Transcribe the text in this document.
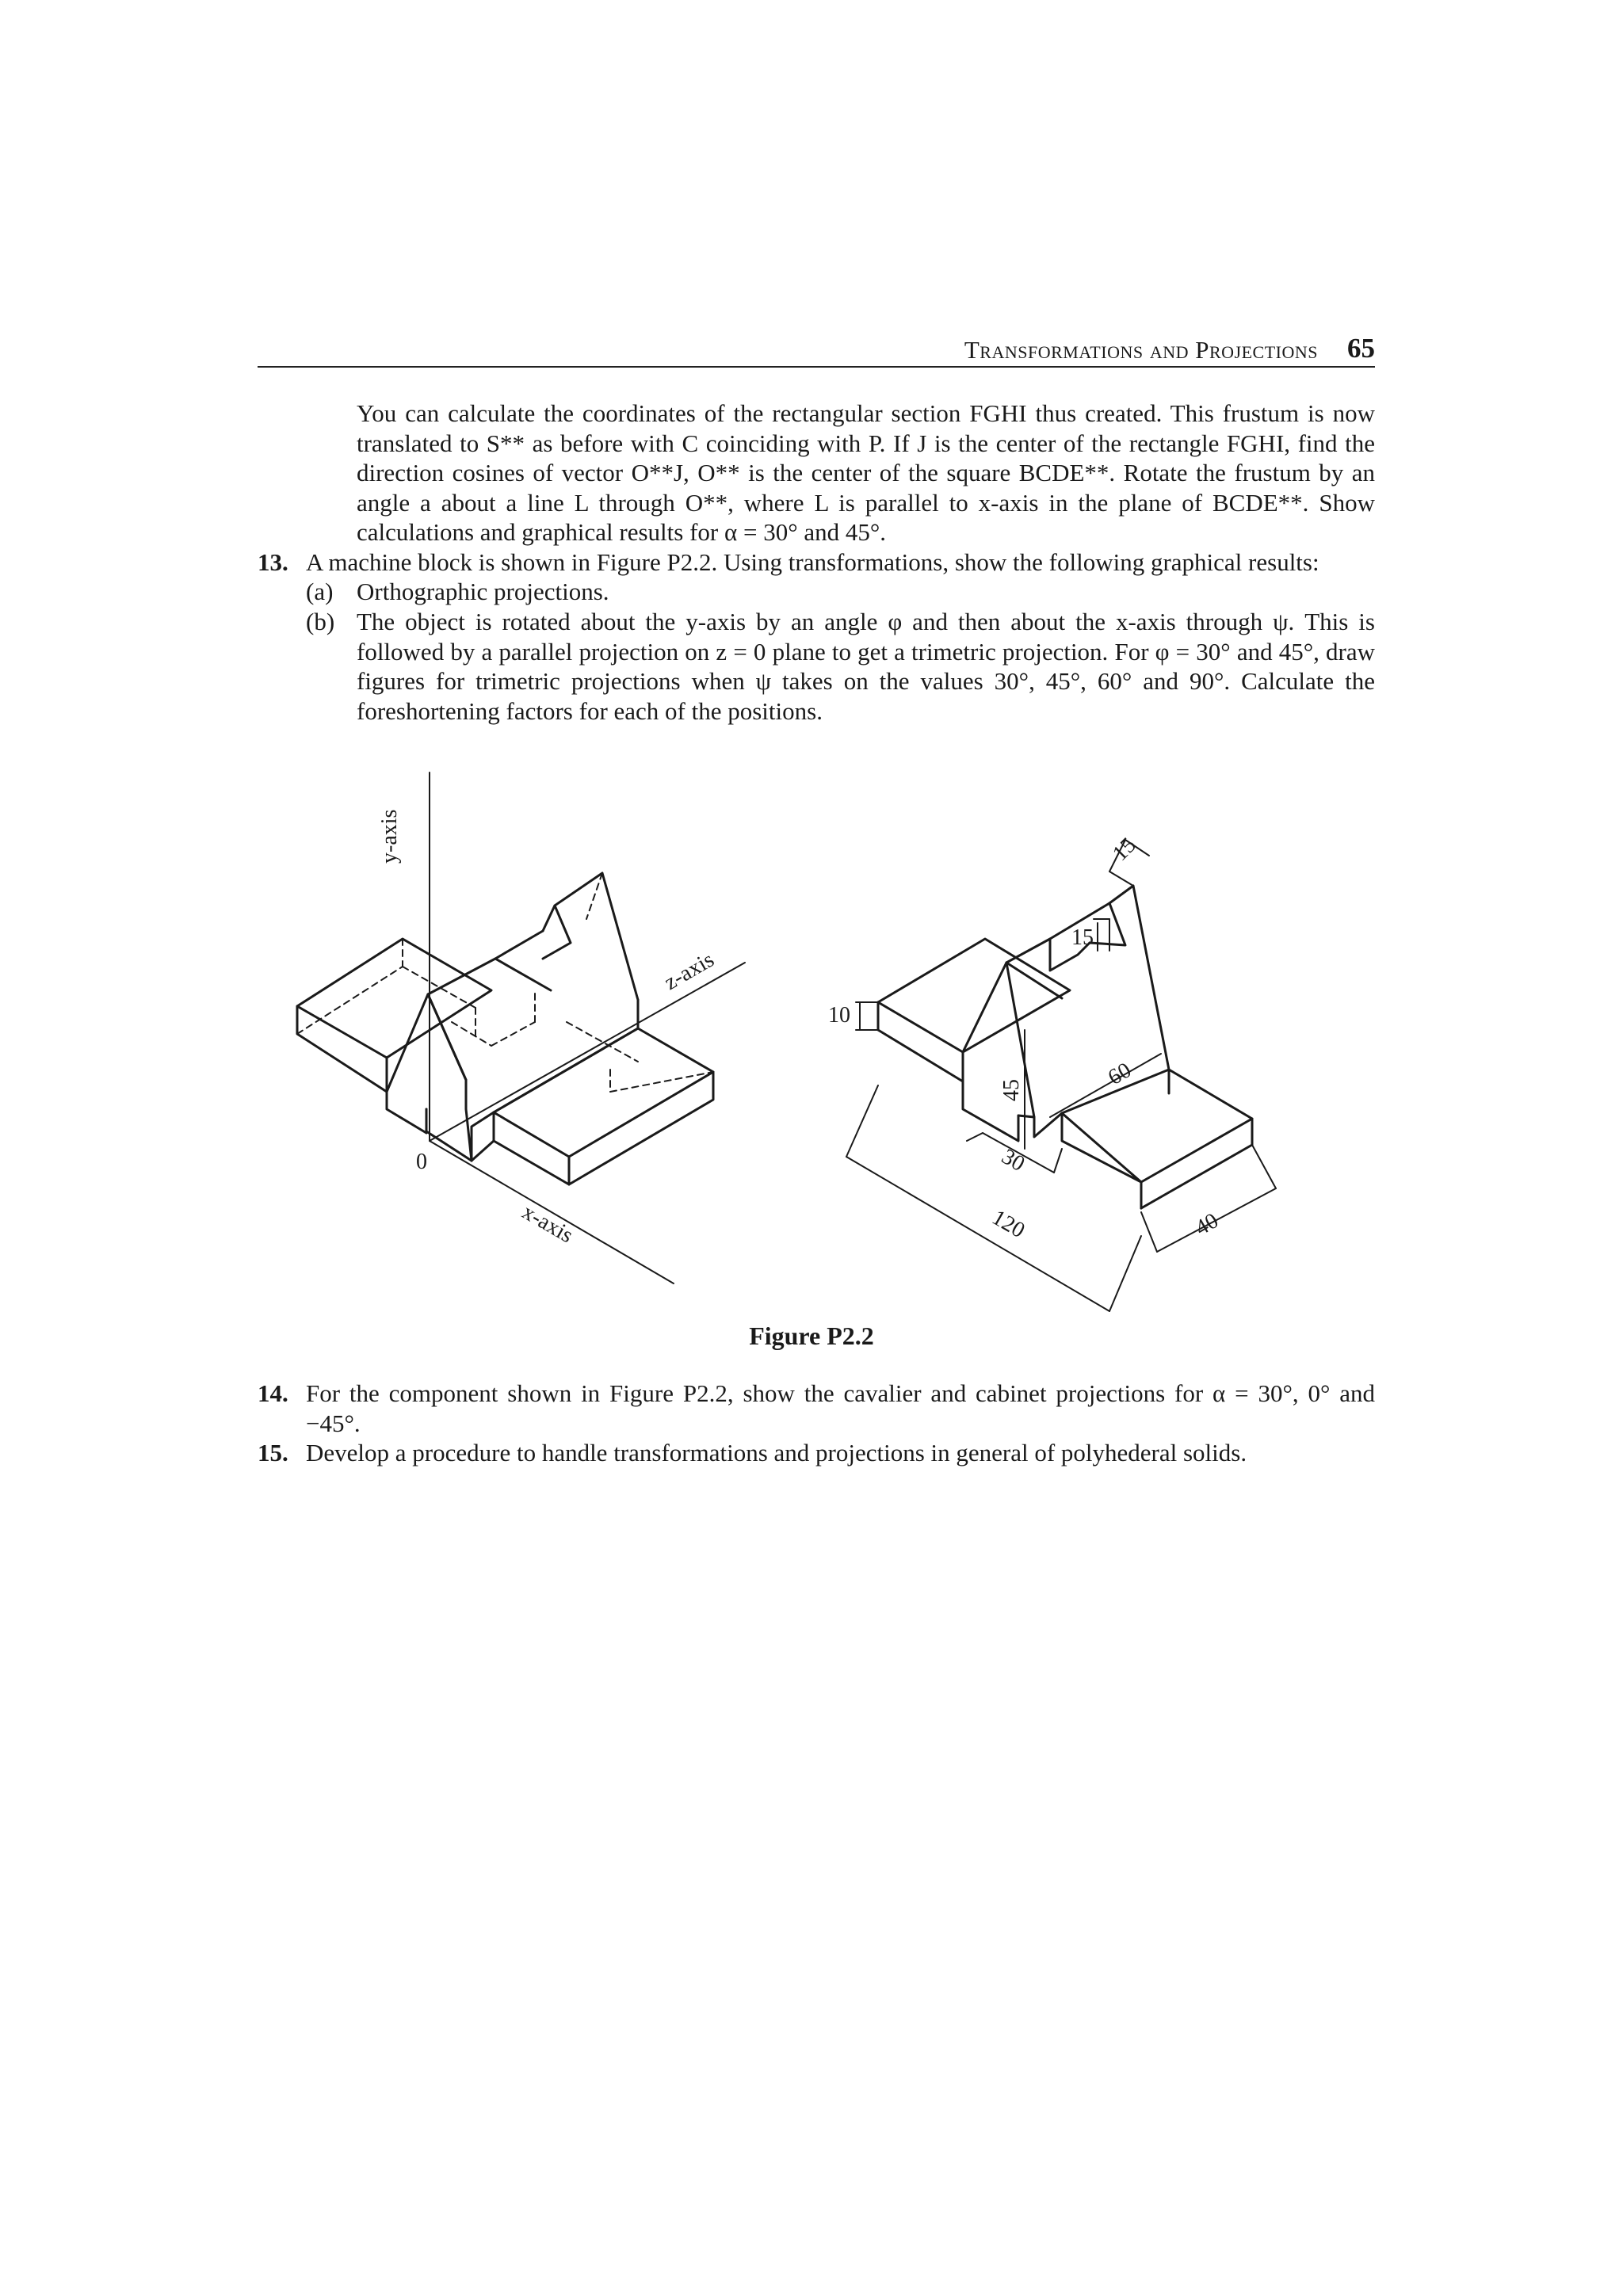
Transformations and Projections 65
You can calculate the coordinates of the rectangular section FGHI thus created. This frustum is now translated to S** as before with C coinciding with P. If J is the center of the rectangle FGHI, find the direction cosines of vector O**J, O** is the center of the square BCDE**. Rotate the frustum by an angle a about a line L through O**, where L is parallel to x-axis in the plane of BCDE**. Show calculations and graphical results for α = 30° and 45°.
13. A machine block is shown in Figure P2.2. Using transformations, show the following graphical results:
(a) Orthographic projections.
(b) The object is rotated about the y-axis by an angle φ and then about the x-axis through ψ. This is followed by a parallel projection on z = 0 plane to get a trimetric projection. For φ = 30° and 45°, draw figures for trimetric projections when ψ takes on the values 30°, 45°, 60° and 90°. Calculate the foreshortening factors for each of the positions.
y-axis
z-axis
x-axis
0
15
15
10
60
45
30
120	40
Figure P2.2
14. For the component shown in Figure P2.2, show the cavalier and cabinet projections for α = 30°, 0° and −45°.
15. Develop a procedure to handle transformations and projections in general of polyhederal solids.
